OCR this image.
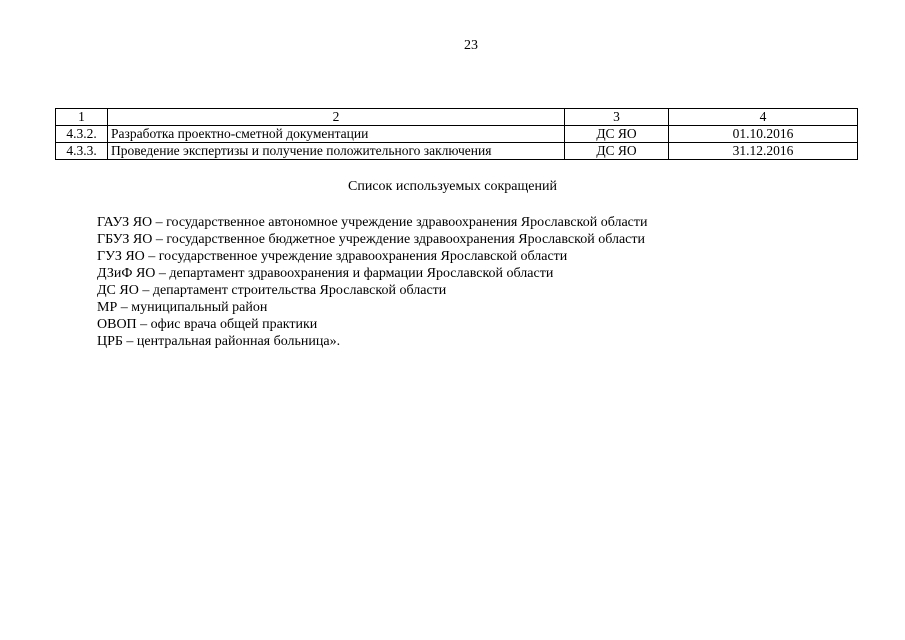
23
1	2	3	4
4.3.2.	Разработка проектно-сметной документации	ДС ЯО	01.10.2016
4.3.3.	Проведение экспертизы и получение положительного заключения	ДС ЯО	31.12.2016
Список используемых сокращений
ГАУЗ ЯО – государственное автономное учреждение здравоохранения Ярославской области
ГБУЗ ЯО – государственное бюджетное учреждение здравоохранения Ярославской области
ГУЗ ЯО – государственное учреждение здравоохранения Ярославской области
ДЗиФ ЯО – департамент здравоохранения и фармации Ярославской области
ДС ЯО – департамент строительства Ярославской области
МР – муниципальный район
ОВОП – офис врача общей практики
ЦРБ – центральная районная больница».
